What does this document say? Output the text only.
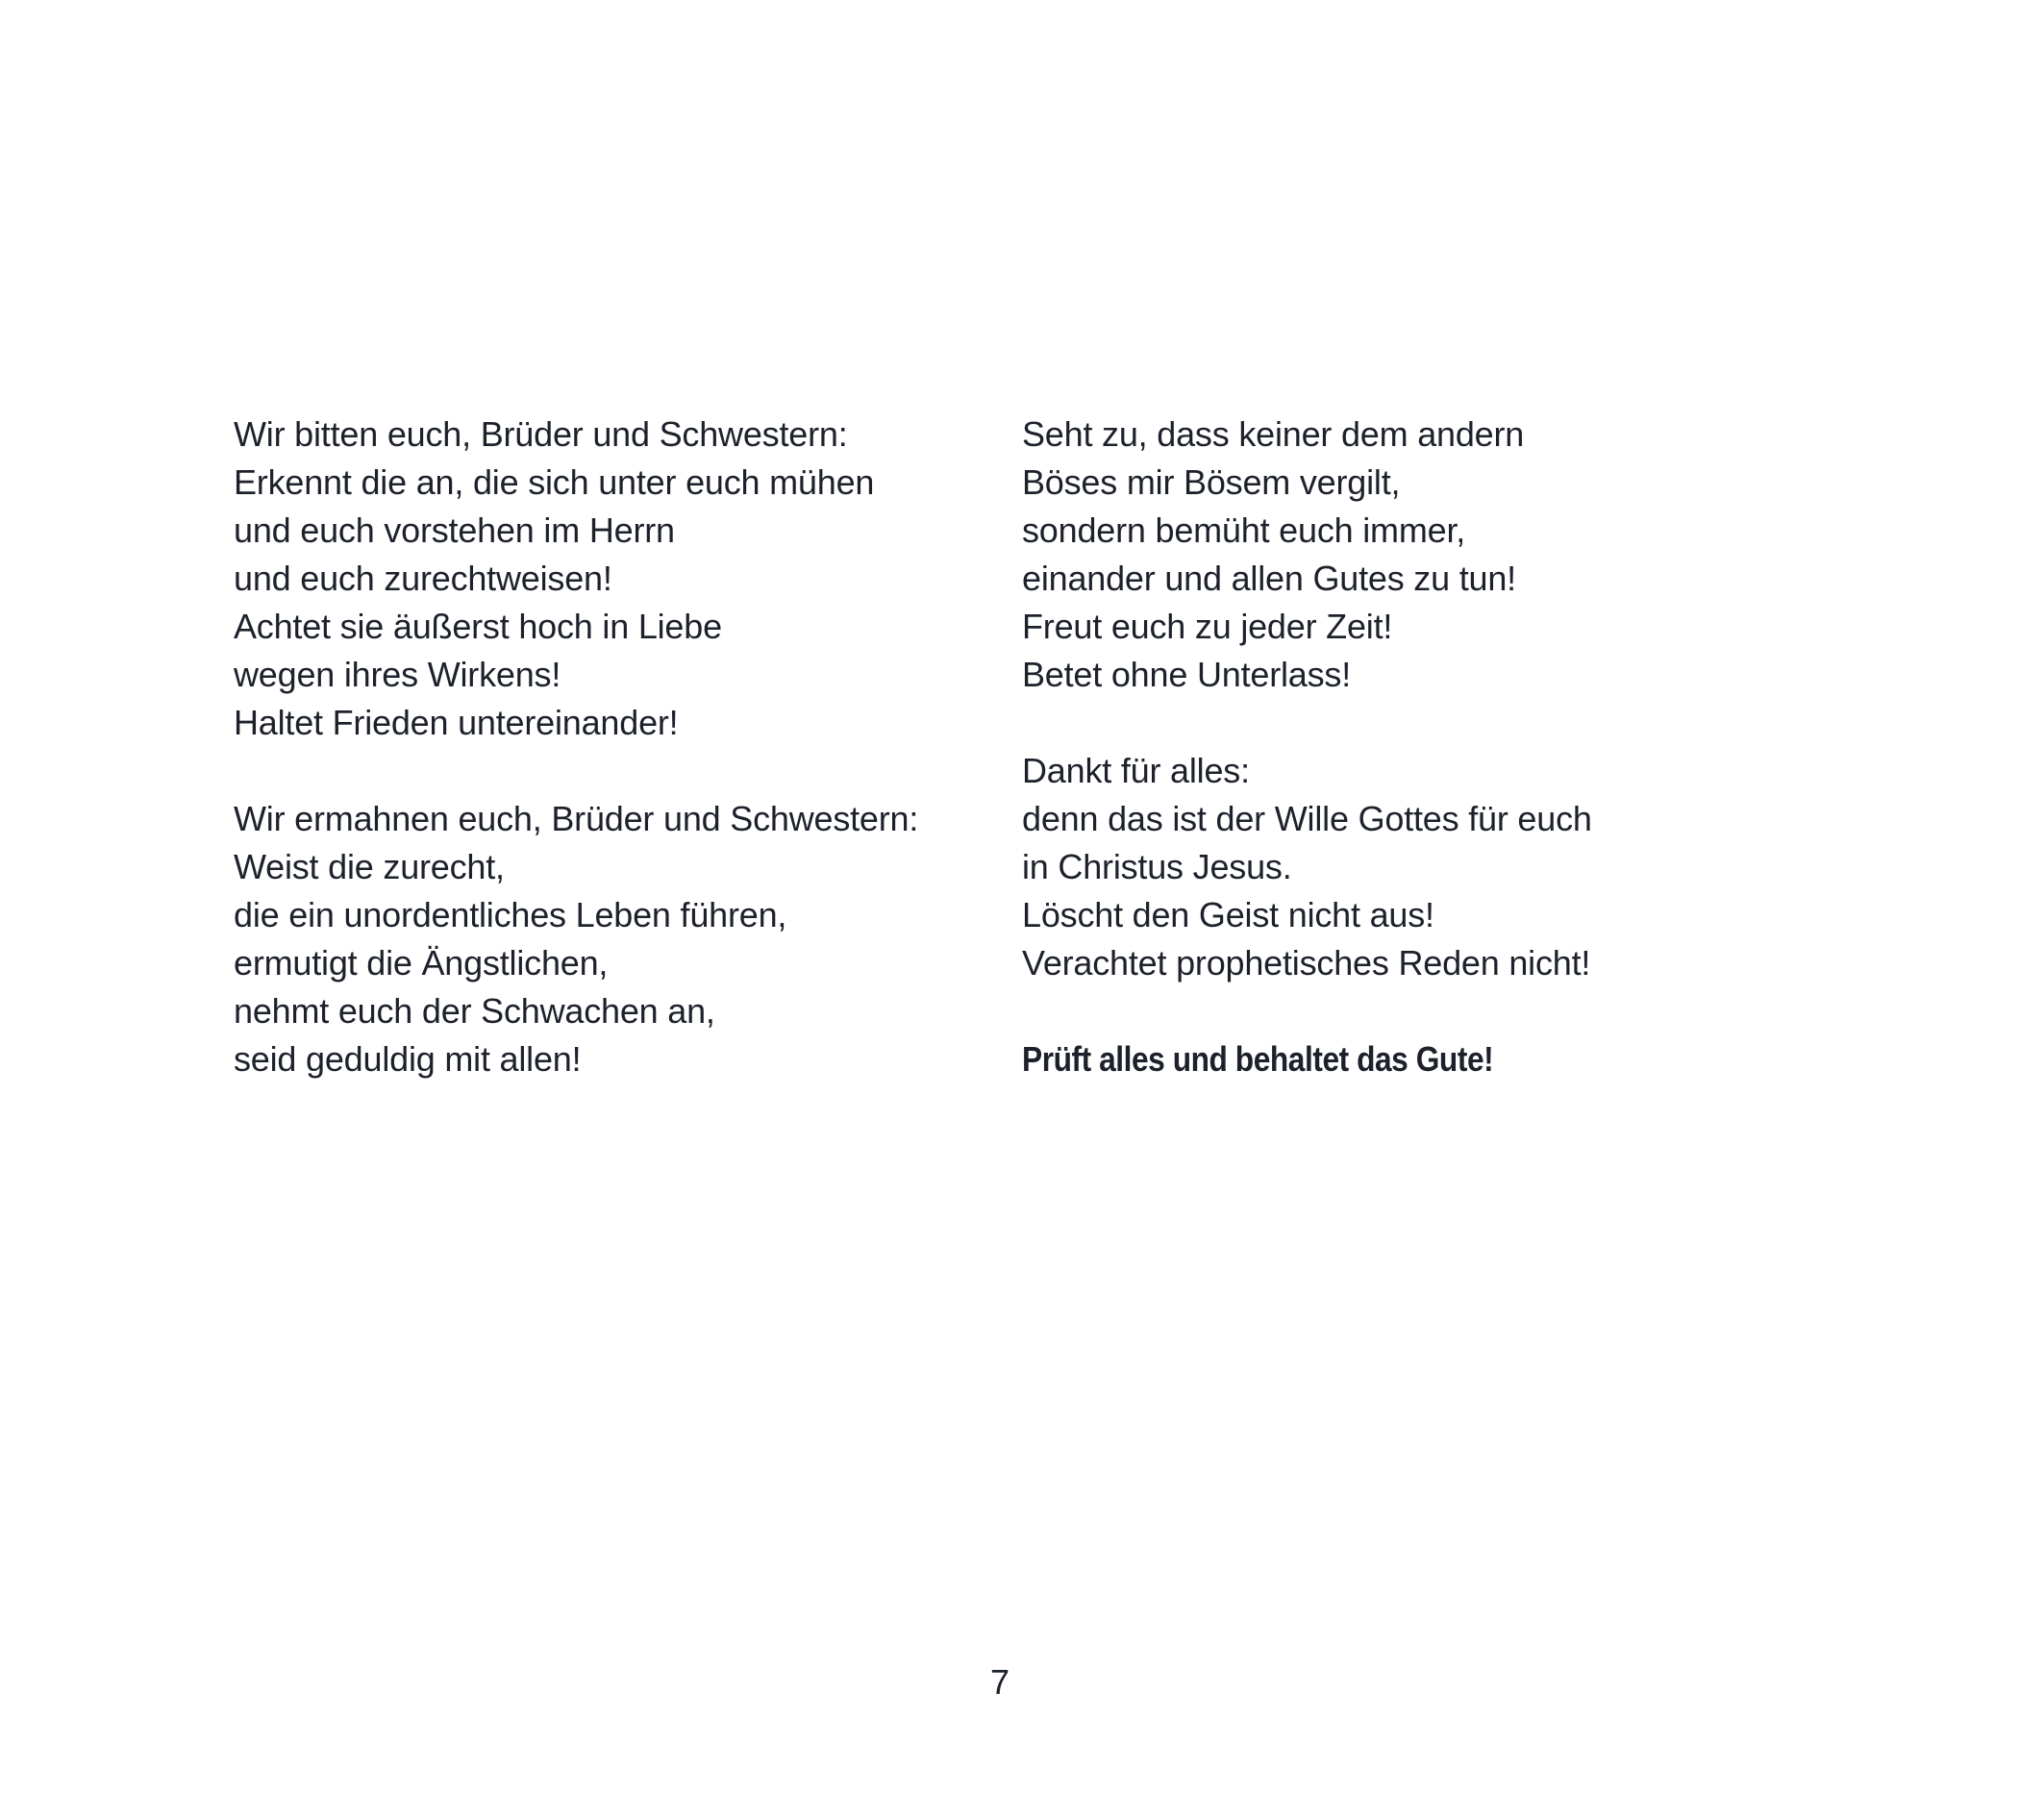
Wir bitten euch, Brüder und Schwestern:
Erkennt die an, die sich unter euch mühen
und euch vorstehen im Herrn
und euch zurechtweisen!
Achtet sie äußerst hoch in Liebe
wegen ihres Wirkens!
Haltet Frieden untereinander!

Wir ermahnen euch, Brüder und Schwestern:
Weist die zurecht,
die ein unordentliches Leben führen,
ermutigt die Ängstlichen,
nehmt euch der Schwachen an,
seid geduldig mit allen!

Seht zu, dass keiner dem andern
Böses mir Bösem vergilt,
sondern bemüht euch immer,
einander und allen Gutes zu tun!
Freut euch zu jeder Zeit!
Betet ohne Unterlass!

Dankt für alles:
denn das ist der Wille Gottes für euch
in Christus Jesus.
Löscht den Geist nicht aus!
Verachtet prophetisches Reden nicht!

Prüft alles und behaltet das Gute!

7
